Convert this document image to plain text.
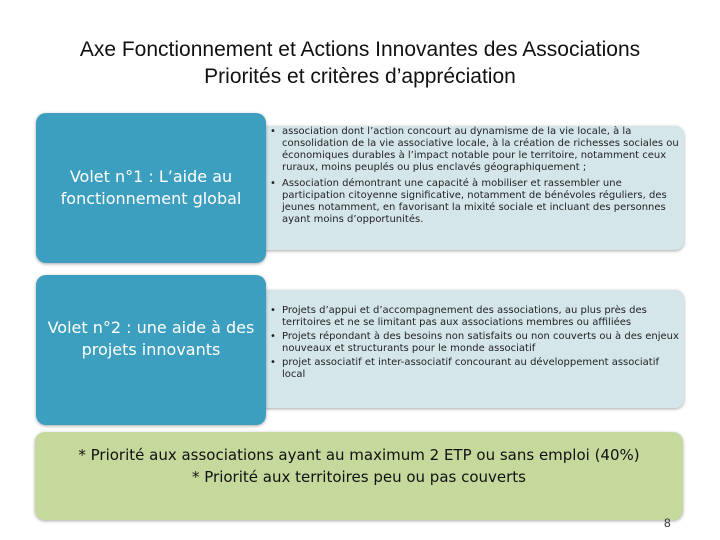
Axe Fonctionnement et Actions Innovantes des Associations
Priorités et critères d’appréciation
• association dont l’action concourt au dynamisme de la vie locale, à la consolidation de la vie associative locale, à la création de richesses sociales ou économiques durables à l’impact notable pour le territoire, notamment ceux ruraux, moins peuplés ou plus enclavés géographiquement ;
• Association démontrant une capacité à mobiliser et rassembler une participation citoyenne significative, notamment de bénévoles réguliers, des jeunes notamment, en favorisant la mixité sociale et incluant des personnes ayant moins d’opportunités.
Volet n°1 : L’aide au
fonctionnement global
• Projets d’appui et d’accompagnement des associations, au plus près des territoires et ne se limitant pas aux associations membres ou affiliées
• Projets répondant à des besoins non satisfaits ou non couverts ou à des enjeux nouveaux et structurants pour le monde associatif
• projet associatif et inter-associatif concourant au développement associatif local
Volet n°2 : une aide à des
projets innovants
* Priorité aux associations ayant au maximum 2 ETP ou sans emploi (40%)
* Priorité aux territoires peu ou pas couverts
8
